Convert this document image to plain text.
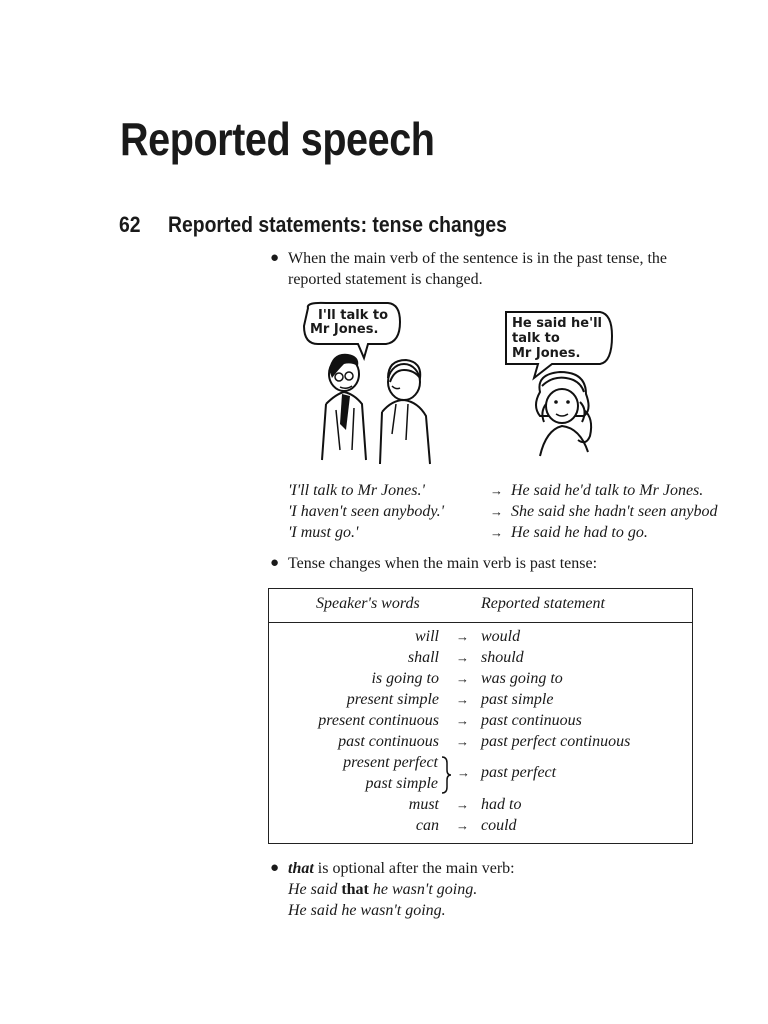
Reported speech
62 Reported statements: tense changes
● When the main verb of the sentence is in the past tense, the
reported statement is changed.
I'll talk to
Mr Jones.	He said he'll
talk to
Mr Jones.
'I'll talk to Mr Jones.'	→ He said he'd talk to Mr Jones.
'I haven't seen anybody.'	→ She said she hadn't seen anybod
'I must go.'	→ He said he had to go.
● Tense changes when the main verb is past tense:
Speaker's words	Reported statement
will → would
shall → should
is going to → was going to
present simple → past simple
present continuous → past continuous
past continuous → past perfect continuous
present perfect
past simple
→ past perfect
must → had to
can → could
● that is optional after the main verb:
He said that he wasn't going.
He said he wasn't going.
